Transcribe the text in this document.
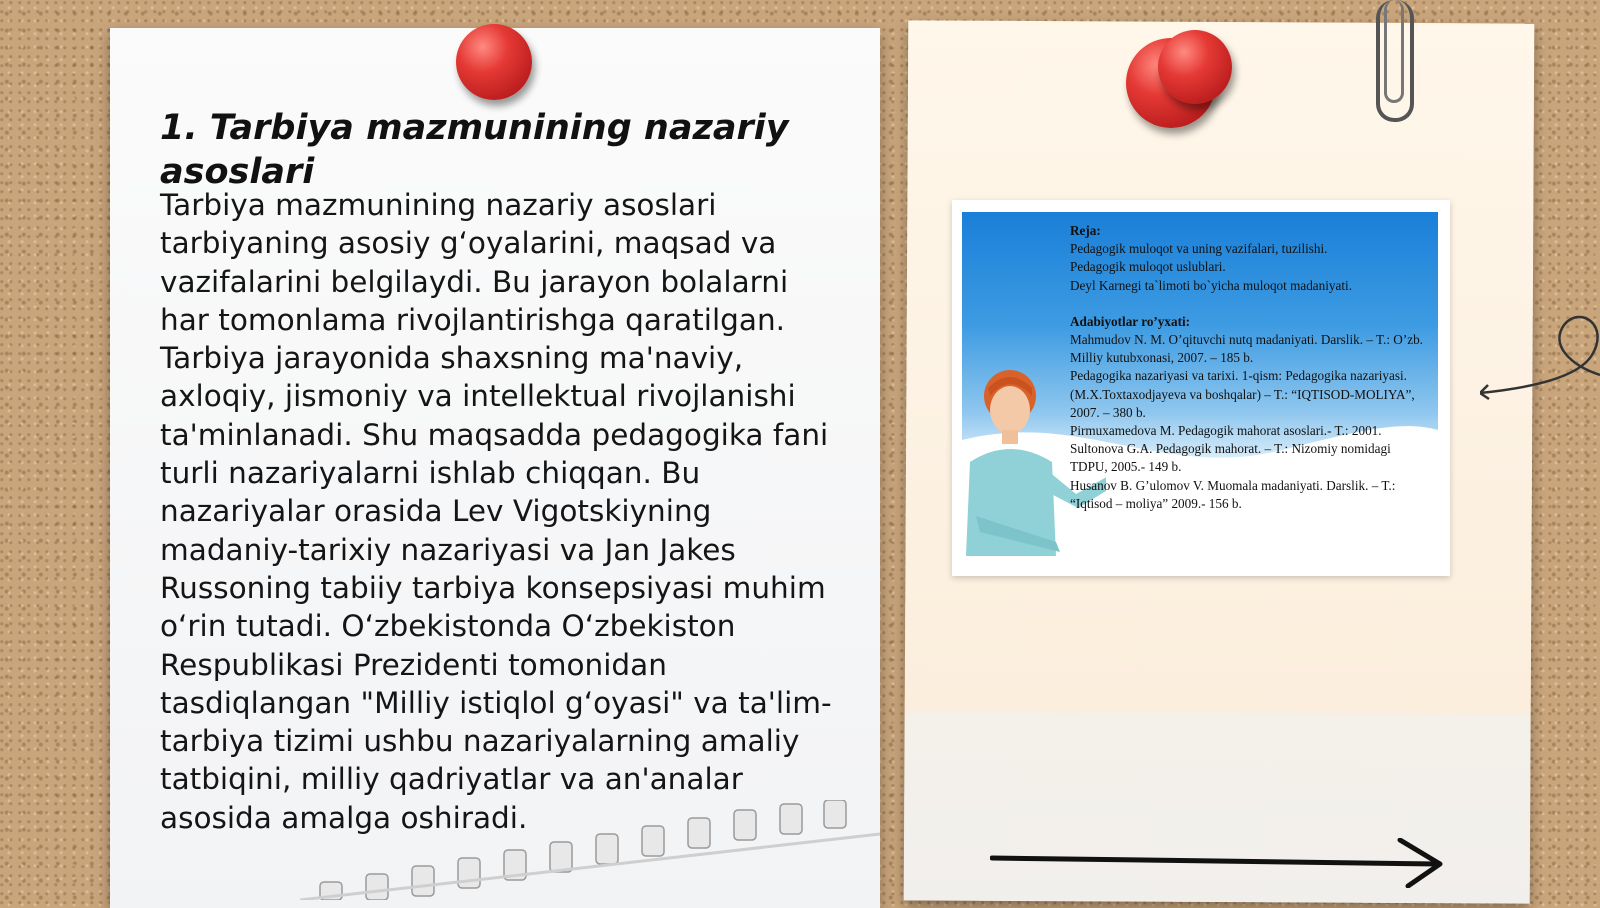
1. Tarbiya mazmunining nazariy asoslari

Tarbiya mazmunining nazariy asoslari tarbiyaning asosiy g‘oyalarini, maqsad va vazifalarini belgilaydi. Bu jarayon bolalarni har tomonlama rivojlantirishga qaratilgan. Tarbiya jarayonida shaxsning ma'naviy, axloqiy, jismoniy va intellektual rivojlanishi ta'minlanadi. Shu maqsadda pedagogika fani turli nazariyalarni ishlab chiqqan. Bu nazariyalar orasida Lev Vigotskiyning madaniy-tarixiy nazariyasi va Jan Jakes Russoning tabiiy tarbiya konsepsiyasi muhim o‘rin tutadi. O‘zbekistonda O‘zbekiston Respublikasi Prezidenti tomonidan tasdiqlangan "Milliy istiqlol g‘oyasi" va ta'lim-tarbiya tizimi ushbu nazariyalarning amaliy tatbiqini, milliy qadriyatlar va an'analar asosida amalga oshiradi.

Reja:

Pedagogik muloqot va uning vazifalari, tuzilishi.

Pedagogik muloqot uslublari.

Deyl Karnegi ta`limoti bo`yicha muloqot madaniyati.

Adabiyotlar ro’yxati:

Mahmudov N. M. O’qituvchi nutq madaniyati. Darslik. – T.: O’zb. Milliy kutubxonasi, 2007. – 185 b.

Pedagogika nazariyasi va tarixi. 1-qism: Pedagogika nazariyasi. (M.X.Toxtaxodjayeva va boshqalar) – T.: “IQTISOD-MOLIYA”, 2007. – 380 b.

Pirmuxamedova M. Pedagogik mahorat asoslari.- T.: 2001.

Sultonova G.A. Pedagogik mahorat. – T.: Nizomiy nomidagi TDPU, 2005.- 149 b.

Husanov B. G’ulomov V. Muomala madaniyati. Darslik. – T.: “Iqtisod – moliya” 2009.- 156 b.
